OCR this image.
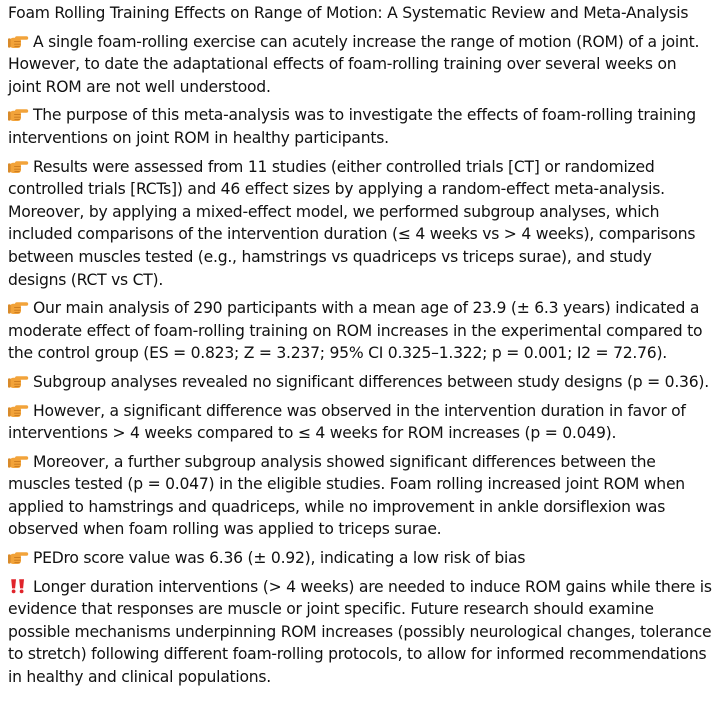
Foam Rolling Training Effects on Range of Motion: A Systematic Review and Meta-Analysis
A single foam-rolling exercise can acutely increase the range of motion (ROM) of a joint. However, to date the adaptational effects of foam-rolling training over several weeks on joint ROM are not well understood.
The purpose of this meta-analysis was to investigate the effects of foam-rolling training interventions on joint ROM in healthy participants.
Results were assessed from 11 studies (either controlled trials [CT] or randomized controlled trials [RCTs]) and 46 effect sizes by applying a random-effect meta-analysis. Moreover, by applying a mixed-effect model, we performed subgroup analyses, which included comparisons of the intervention duration (≤ 4 weeks vs > 4 weeks), comparisons between muscles tested (e.g., hamstrings vs quadriceps vs triceps surae), and study designs (RCT vs CT).
Our main analysis of 290 participants with a mean age of 23.9 (± 6.3 years) indicated a moderate effect of foam-rolling training on ROM increases in the experimental compared to the control group (ES = 0.823; Z = 3.237; 95% CI 0.325–1.322; p = 0.001; I2 = 72.76).
Subgroup analyses revealed no significant differences between study designs (p = 0.36).
However, a significant difference was observed in the intervention duration in favor of interventions > 4 weeks compared to ≤ 4 weeks for ROM increases (p = 0.049).
Moreover, a further subgroup analysis showed significant differences between the muscles tested (p = 0.047) in the eligible studies. Foam rolling increased joint ROM when applied to hamstrings and quadriceps, while no improvement in ankle dorsiflexion was observed when foam rolling was applied to triceps surae.
PEDro score value was 6.36 (± 0.92), indicating a low risk of bias
Longer duration interventions (> 4 weeks) are needed to induce ROM gains while there is evidence that responses are muscle or joint specific. Future research should examine possible mechanisms underpinning ROM increases (possibly neurological changes, tolerance to stretch) following different foam-rolling protocols, to allow for informed recommendations in healthy and clinical populations.
